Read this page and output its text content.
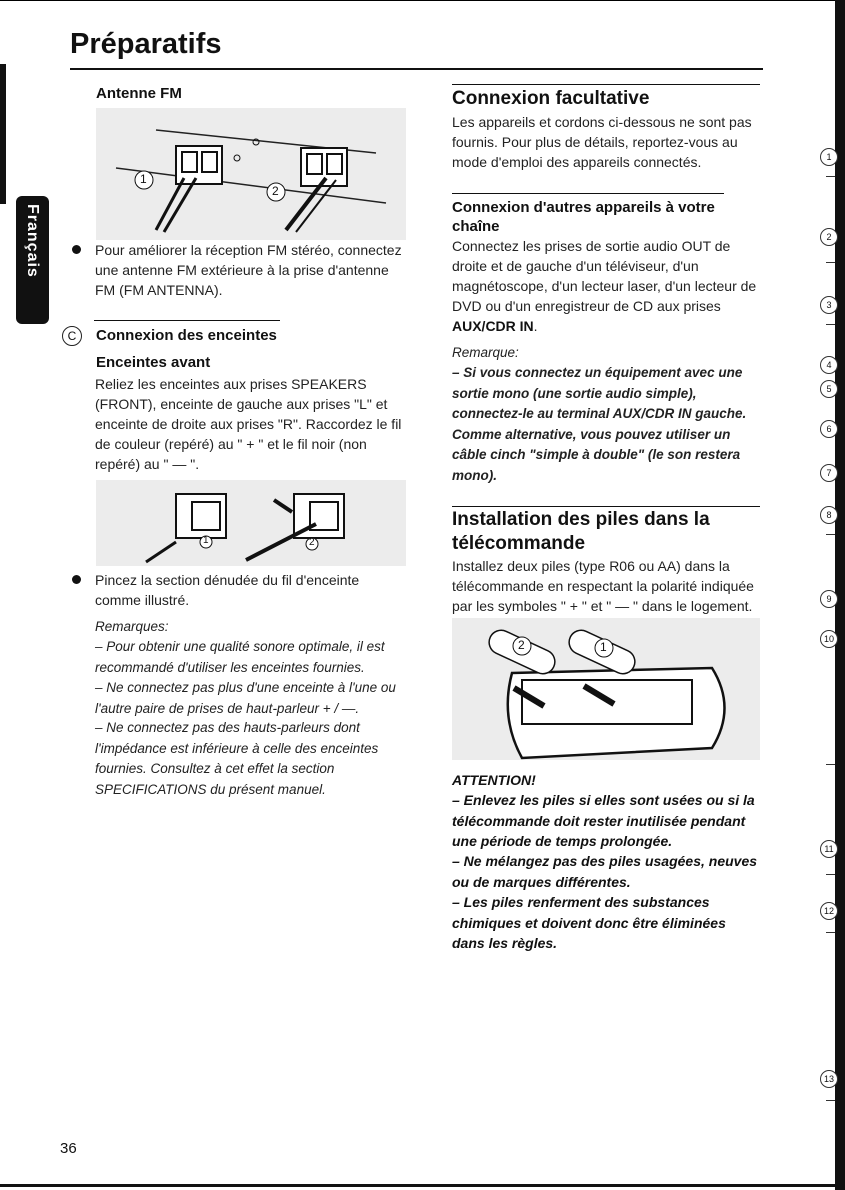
Français
Préparatifs
Antenne FM
1
2
Pour améliorer la réception FM stéréo, connectez une antenne FM extérieure à la prise d'antenne FM (FM ANTENNA).
C	Connexion des enceintes
Enceintes avant
Reliez les enceintes aux prises SPEAKERS (FRONT), enceinte de gauche aux prises "L" et enceinte de droite aux prises "R". Raccordez le fil de couleur (repéré) au " + " et le fil noir (non repéré) au " — ".
1	2
Pincez la section dénudée du fil d'enceinte comme illustré.
Remarques:
– Pour obtenir une qualité sonore optimale, il est recommandé d'utiliser les enceintes fournies.
– Ne connectez pas plus d'une enceinte à l'une ou l'autre paire de prises de haut-parleur + / —.
– Ne connectez pas des hauts-parleurs dont l'impédance est inférieure à celle des enceintes fournies. Consultez à cet effet la section SPECIFICATIONS du présent manuel.
Connexion facultative
Les appareils et cordons ci-dessous ne sont pas fournis. Pour plus de détails, reportez-vous au mode d'emploi des appareils connectés.
Connexion d'autres appareils à votre chaîne
Connectez les prises de sortie audio OUT de droite et de gauche d'un téléviseur, d'un magnétoscope, d'un lecteur laser, d'un lecteur de DVD ou d'un enregistreur de CD aux prises AUX/CDR IN.
Remarque:
– Si vous connectez un équipement avec une sortie mono (une sortie audio simple), connectez-le au terminal AUX/CDR IN gauche. Comme alternative, vous pouvez utiliser un câble cinch "simple à double" (le son restera mono).
Installation des piles dans la télécommande
Installez deux piles (type R06 ou AA) dans la télécommande en respectant la polarité indiquée par les symboles " + " et " — " dans le logement.
2	1
ATTENTION!
– Enlevez les piles si elles sont usées ou si la télécommande doit rester inutilisée pendant une période de temps prolongée.
– Ne mélangez pas des piles usagées, neuves ou de marques différentes.
– Les piles renferment des substances chimiques et doivent donc être éliminées dans les règles.
36
1
2
3
4
5
6
7
8
9
10
11
12
13
